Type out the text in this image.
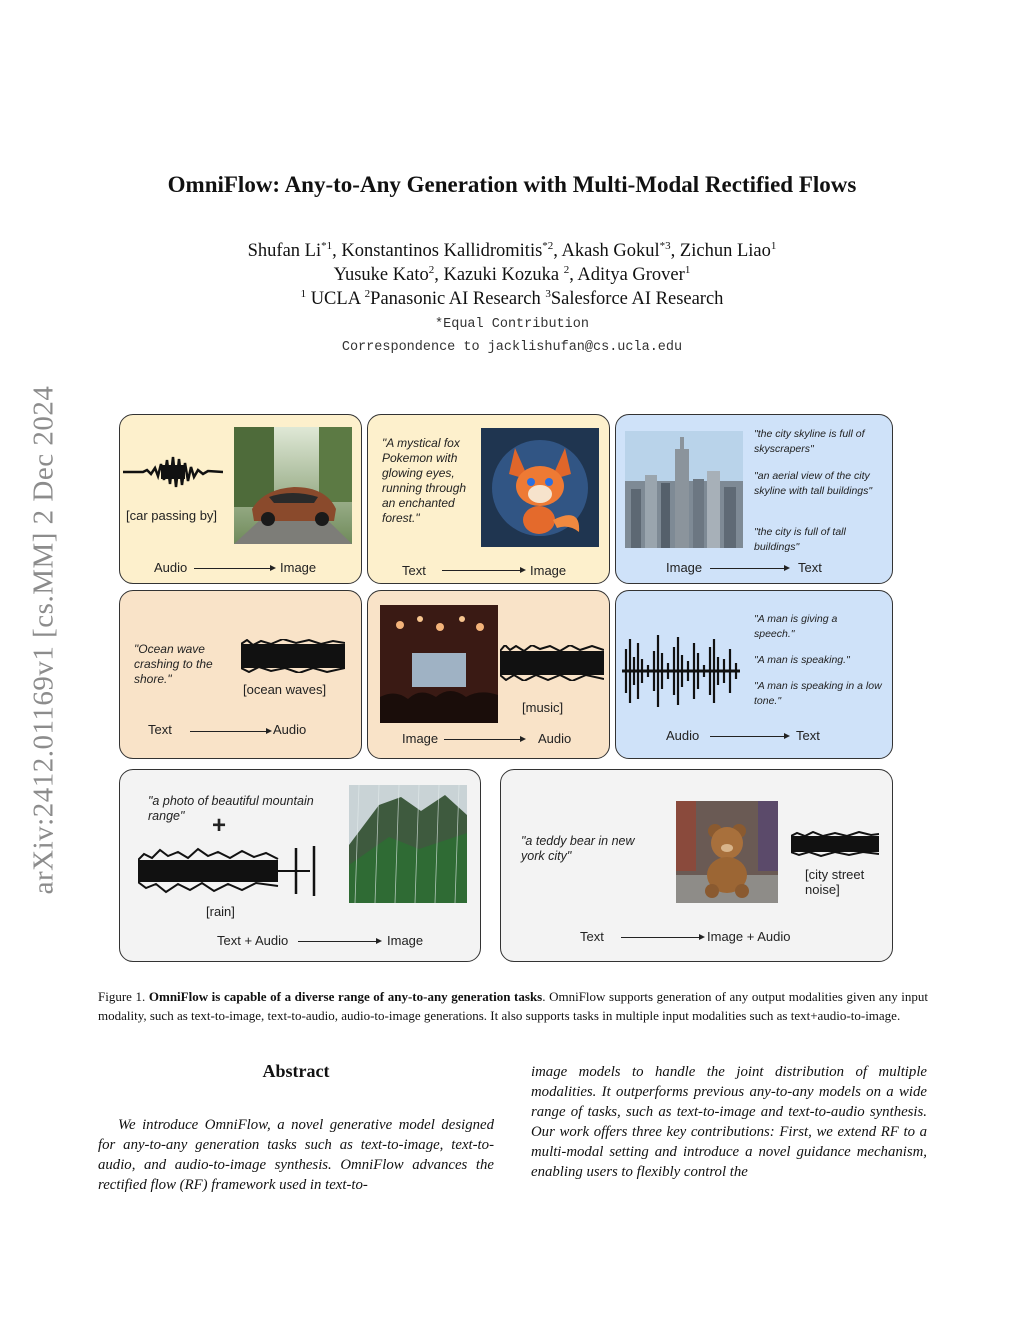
arXiv:2412.01169v1 [cs.MM] 2 Dec 2024
OmniFlow: Any-to-Any Generation with Multi-Modal Rectified Flows
Shufan Li$^{*1}$, Konstantinos Kallidromitis$^{*2}$, Akash Gokul$^{*3}$, Zichun Liao$^1$
Yusuke Kato$^2$, Kazuki Kozuka $^2$, Aditya Grover$^1$
$^1$ UCLA $^2$Panasonic AI Research $^3$Salesforce AI Research
*Equal Contribution
Correspondence to jacklishufan@cs.ucla.edu
[car passing by]
Audio	Image
"A mystical fox Pokemon with glowing eyes, running through an enchanted forest."
Text	Image
"the city skyline is full of skyscrapers"
"an aerial view of the city skyline with tall buildings"
"the city is full of tall buildings"
Image	Text
"Ocean wave crashing to the shore."
[ocean waves]
Text	Audio
[music]
Image	Audio
"A man is giving a speech."
"A man is speaking."
"A man is speaking in a low tone."
Audio	Text
"a photo of beautiful mountain range"	+
[rain]
Text + Audio	Image
"a teddy bear in new york city"
[city street noise]
Text	Image + Audio
Figure 1. OmniFlow is capable of a diverse range of any-to-any generation tasks. OmniFlow supports generation of any output modalities given any input modality, such as text-to-image, text-to-audio, audio-to-image generations. It also supports tasks in multiple input modalities such as text+audio-to-image.
Abstract
We introduce OmniFlow, a novel generative model designed for any-to-any generation tasks such as text-to-image, text-to-audio, and audio-to-image synthesis. OmniFlow advances the rectified flow (RF) framework used in text-to-
image models to handle the joint distribution of multiple modalities. It outperforms previous any-to-any models on a wide range of tasks, such as text-to-image and text-to-audio synthesis. Our work offers three key contributions: First, we extend RF to a multi-modal setting and introduce a novel guidance mechanism, enabling users to flexibly control the
